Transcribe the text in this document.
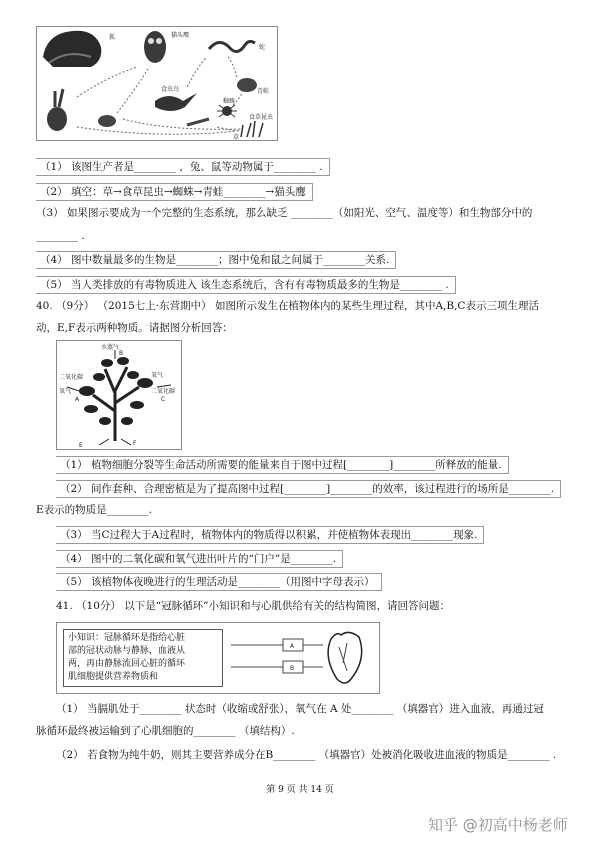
狐	猫头鹰
蛇
青蛙
食虫鸟
蜘蛛
食草昆虫
草
（1） 该图生产者是________ ，兔、鼠等动物属于________ .
（2） 填空：草→食草昆虫→蜘蛛→青蛙________→猫头鹰
（3） 如果图示要成为一个完整的生态系统，那么缺乏 ________（如阳光、空气、温度等）和生物部分中的
________ .
（4） 图中数量最多的生物是________；图中兔和鼠之间属于________关系.
（5） 当人类排放的有毒物质进入 该生态系统后，含有有毒物质最多的生物是________ .
40. （9分） （2015七上·东营期中） 如图所示发生在植物体内的某些生理过程，其中A,B,C表示三项生理活
动，E,F表示两种物质。请据图分析回答：
水蒸气
B
二氧化碳
氧气
A
氧气
二氧化碳
C
E	F
（1） 植物细胞分裂等生命活动所需要的能量来自于图中过程[________]________所释放的能量.
（2） 间作套种、合理密植是为了提高图中过程[________]________的效率，该过程进行的场所是________.
E表示的物质是________.
（3） 当C过程大于A过程时，植物体内的物质得以积累，并使植物体表现出________现象.
（4） 图中的二氧化碳和氧气进出叶片的“门户”是________.
（5） 该植物体夜晚进行的生理活动是________（用图中字母表示）
41. （10分） 以下是“冠脉循环”小知识和与心肌供给有关的结构简图，请回答问题：
小知识：冠脉循环是指给心脏
部的冠状动脉与静脉，血液从
两，再由静脉流回心脏的循环
肌细胞提供营养物质和
A
B
（1） 当膈肌处于________ 状态时（收缩或舒张），氧气在 A 处________ （填器官）进入血液，再通过冠
脉循环最终被运输到了心肌细胞的________ （填结构）.
（2） 若食物为纯牛奶，则其主要营养成分在B________ （填器官）处被消化吸收进血液的物质是________ .
第 9 页 共 14 页
知乎 @初高中杨老师
